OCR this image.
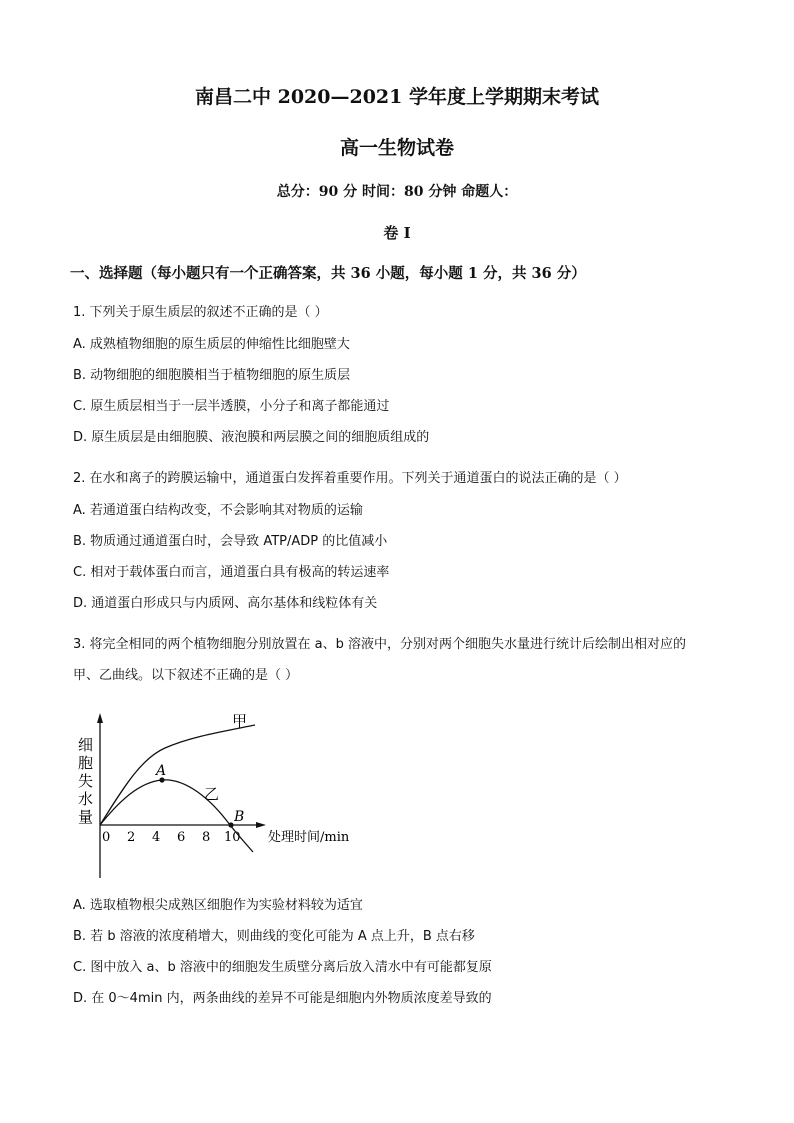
南昌二中 2020—2021 学年度上学期期末考试
高一生物试卷
总分：90 分 时间：80 分钟 命题人：
卷 I
一、选择题（每小题只有一个正确答案，共 36 小题，每小题 1 分，共 36 分）
1. 下列关于原生质层的叙述不正确的是（ ）
A. 成熟植物细胞的原生质层的伸缩性比细胞壁大
B. 动物细胞的细胞膜相当于植物细胞的原生质层
C. 原生质层相当于一层半透膜，小分子和离子都能通过
D. 原生质层是由细胞膜、液泡膜和两层膜之间的细胞质组成的
2. 在水和离子的跨膜运输中，通道蛋白发挥着重要作用。下列关于通道蛋白的说法正确的是（ ）
A. 若通道蛋白结构改变，不会影响其对物质的运输
B. 物质通过通道蛋白时，会导致 ATP/ADP 的比值减小
C. 相对于载体蛋白而言，通道蛋白具有极高的转运速率
D. 通道蛋白形成只与内质网、高尔基体和线粒体有关
3. 将完全相同的两个植物细胞分别放置在 a、b 溶液中，分别对两个细胞失水量进行统计后绘制出相对应的
甲、乙曲线。以下叙述不正确的是（ ）
细
胞
失
水
量
0 2 4 6 8 10 处理时间/min
甲
乙
A
B
A. 选取植物根尖成熟区细胞作为实验材料较为适宜
B. 若 b 溶液的浓度稍增大，则曲线的变化可能为 A 点上升，B 点右移
C. 图中放入 a、b 溶液中的细胞发生质壁分离后放入清水中有可能都复原
D. 在 0～4min 内，两条曲线的差异不可能是细胞内外物质浓度差导致的
